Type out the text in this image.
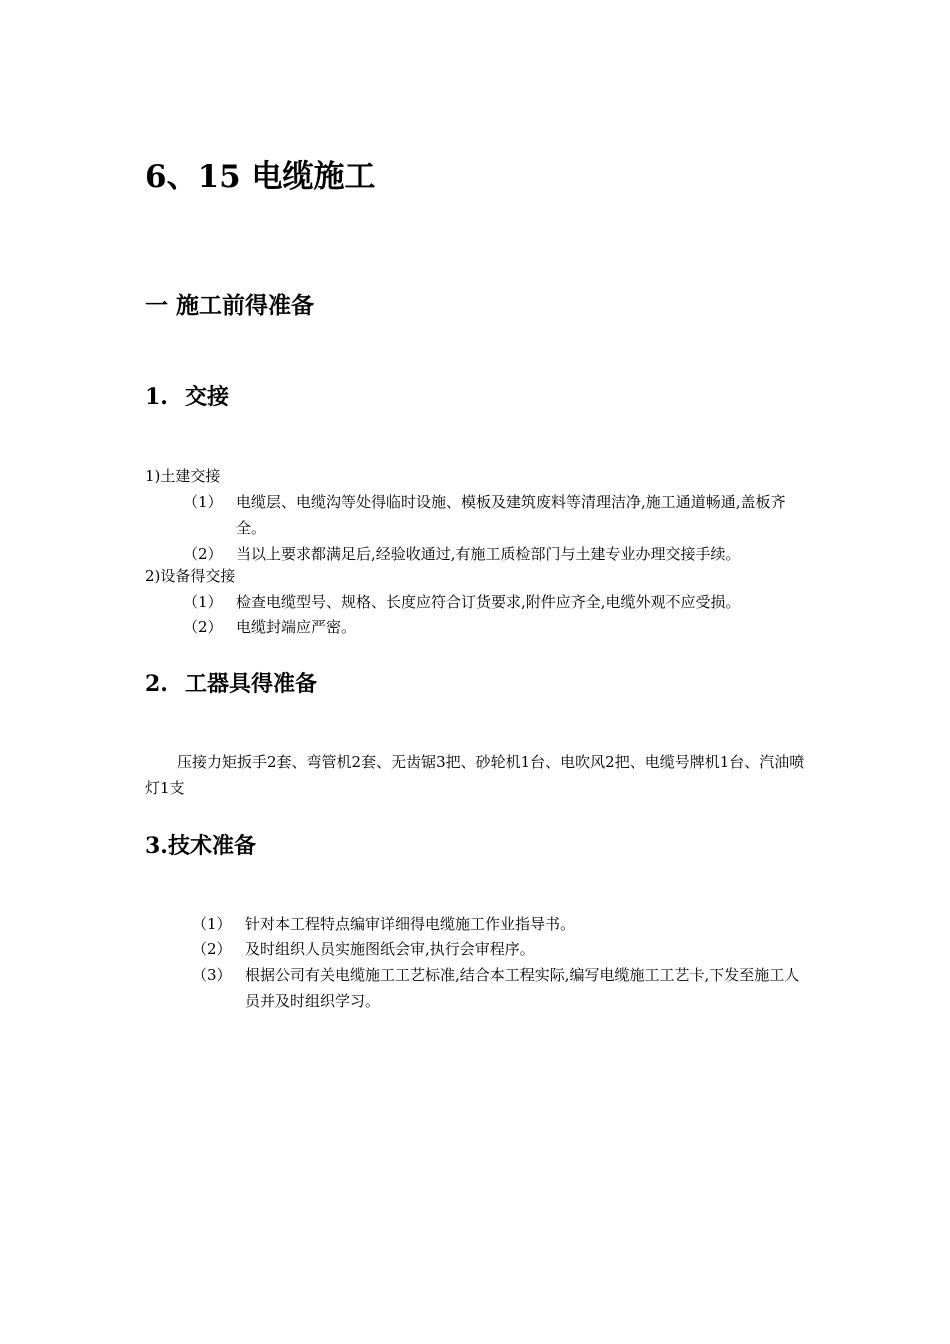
6、15 电缆施工
一 施工前得准备
1. 交接
1)土建交接
（1） 电缆层、电缆沟等处得临时设施、模板及建筑废料等清理洁净,施工通道畅通,盖板齐全。
（2） 当以上要求都满足后,经验收通过,有施工质检部门与土建专业办理交接手续。
2)设备得交接
（1） 检查电缆型号、规格、长度应符合订货要求,附件应齐全,电缆外观不应受损。
（2） 电缆封端应严密。
2. 工器具得准备
压接力矩扳手2套、弯管机2套、无齿锯3把、砂轮机1台、电吹风2把、电缆号牌机1台、汽油喷灯1支
3.技术准备
（1） 针对本工程特点编审详细得电缆施工作业指导书。
（2） 及时组织人员实施图纸会审,执行会审程序。
（3） 根据公司有关电缆施工工艺标准,结合本工程实际,编写电缆施工工艺卡,下发至施工人员并及时组织学习。
